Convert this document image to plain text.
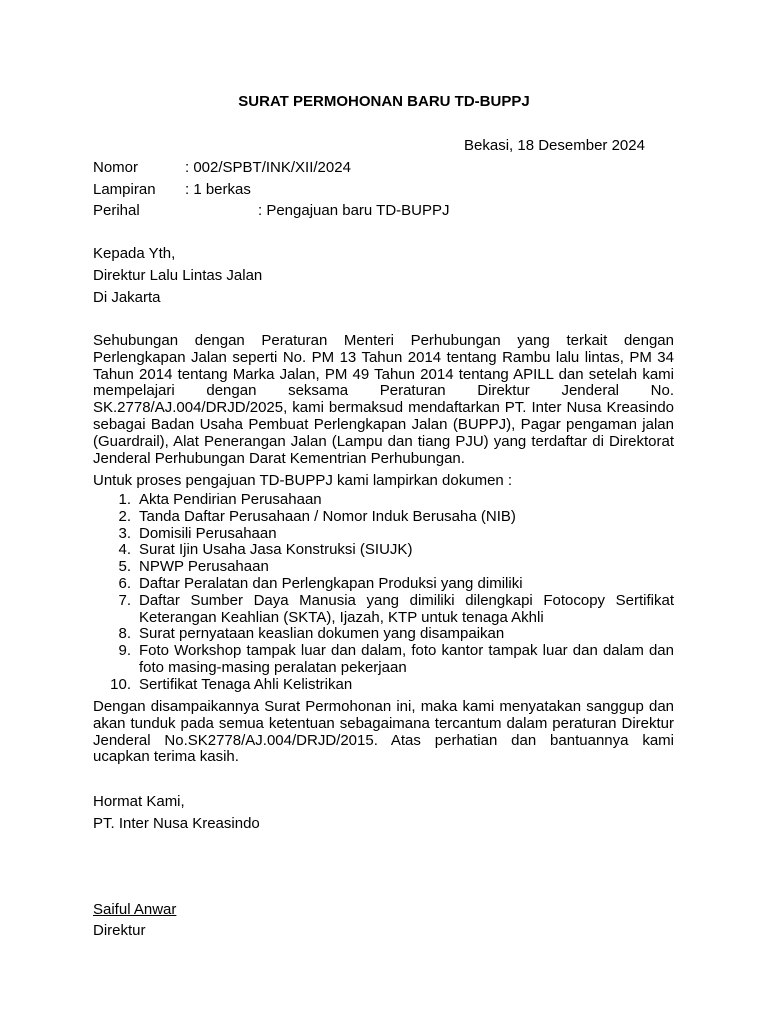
SURAT PERMOHONAN BARU TD-BUPPJ
Bekasi, 18 Desember 2024
Nomor	: 002/SPBT/INK/XII/2024
Lampiran : 1 berkas
Perihal	: Pengajuan baru TD-BUPPJ
Kepada Yth,
Direktur Lalu Lintas Jalan
Di Jakarta

Sehubungan dengan Peraturan Menteri Perhubungan yang terkait dengan Perlengkapan Jalan seperti No. PM 13 Tahun 2014 tentang Rambu lalu lintas, PM 34 Tahun 2014 tentang Marka Jalan, PM 49 Tahun 2014 tentang APILL dan setelah kami mempelajari dengan seksama Peraturan Direktur Jenderal No. SK.2778/AJ.004/DRJD/2025, kami bermaksud mendaftarkan PT. Inter Nusa Kreasindo sebagai Badan Usaha Pembuat Perlengkapan Jalan (BUPPJ), Pagar pengaman jalan (Guardrail), Alat Penerangan Jalan (Lampu dan tiang PJU) yang terdaftar di Direktorat Jenderal Perhubungan Darat Kementrian Perhubungan.

Untuk proses pengajuan TD-BUPPJ kami lampirkan dokumen :
1. Akta Pendirian Perusahaan
2. Tanda Daftar Perusahaan / Nomor Induk Berusaha (NIB)
3. Domisili Perusahaan
4. Surat Ijin Usaha Jasa Konstruksi (SIUJK)
5. NPWP Perusahaan
6. Daftar Peralatan dan Perlengkapan Produksi yang dimiliki
7. Daftar Sumber Daya Manusia yang dimiliki dilengkapi Fotocopy Sertifikat Keterangan Keahlian (SKTA), Ijazah, KTP untuk tenaga Akhli
8. Surat pernyataan keaslian dokumen yang disampaikan
9. Foto Workshop tampak luar dan dalam, foto kantor tampak luar dan dalam dan foto masing-masing peralatan pekerjaan
10. Sertifikat Tenaga Ahli Kelistrikan

Dengan disampaikannya Surat Permohonan ini, maka kami menyatakan sanggup dan akan tunduk pada semua ketentuan sebagaimana tercantum dalam peraturan Direktur Jenderal No.SK2778/AJ.004/DRJD/2015. Atas perhatian dan bantuannya kami ucapkan terima kasih.

Hormat Kami,
PT. Inter Nusa Kreasindo
Saiful Anwar
Direktur
